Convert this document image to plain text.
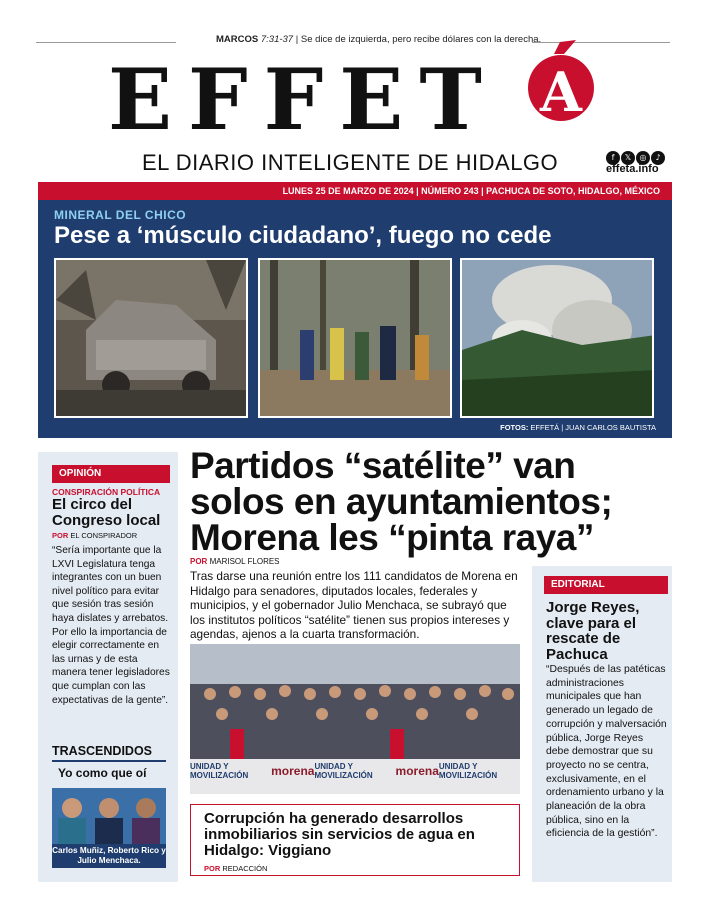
MARCOS 7:31-37 | Se dice de izquierda, pero recibe dólares con la derecha.
EFFET A
EL DIARIO INTELIGENTE DE HIDALGO	f 𝕏 ◎ ♪
effeta.info
LUNES 25 DE MARZO DE 2024 | NÚMERO 243 | PACHUCA DE SOTO, HIDALGO, MÉXICO
MINERAL DEL CHICO
Pese a ‘músculo ciudadano’, fuego no cede
FOTOS: EFFETÁ | JUAN CARLOS BAUTISTA
OPINIÓN
CONSPIRACIÓN POLÍTICA
El circo del Congreso local
POR EL CONSPIRADOR
“Sería importante que la LXVI Legislatura tenga integrantes con un buen nivel político para evitar que sesión tras sesión haya dislates y arrebatos. Por ello la importancia de elegir correctamente en las urnas y de esta manera tener legisladores que cumplan con las expectativas de la gente”.
TRASCENDIDOS
Yo como que oí
Carlos Muñiz, Roberto Rico y Julio Menchaca.
Partidos “satélite” van solos en ayuntamientos; Morena les “pinta raya”
POR MARISOL FLORES
Tras darse una reunión entre los 111 candidatos de Morena en Hidalgo para senadores, diputados locales, federales y municipios, y el gobernador Julio Menchaca, se subrayó que los institutos políticos “satélite” tienen sus propios intereses y agendas, ajenos a la cuarta transformación.
UNIDAD Y MOVILIZACIÓN	morena UNIDAD Y MOVILIZACIÓN	morena UNIDAD Y MOVILIZACIÓN
Corrupción ha generado desarrollos inmobiliarios sin servicios de agua en Hidalgo: Viggiano
POR REDACCIÓN
EDITORIAL
Jorge Reyes, clave para el rescate de Pachuca
“Después de las patéticas administraciones municipales que han generado un legado de corrupción y malversación pública, Jorge Reyes debe demostrar que su proyecto no se centra, exclusivamente, en el ordenamiento urbano y la planeación de la obra pública, sino en la eficiencia de la gestión”.
